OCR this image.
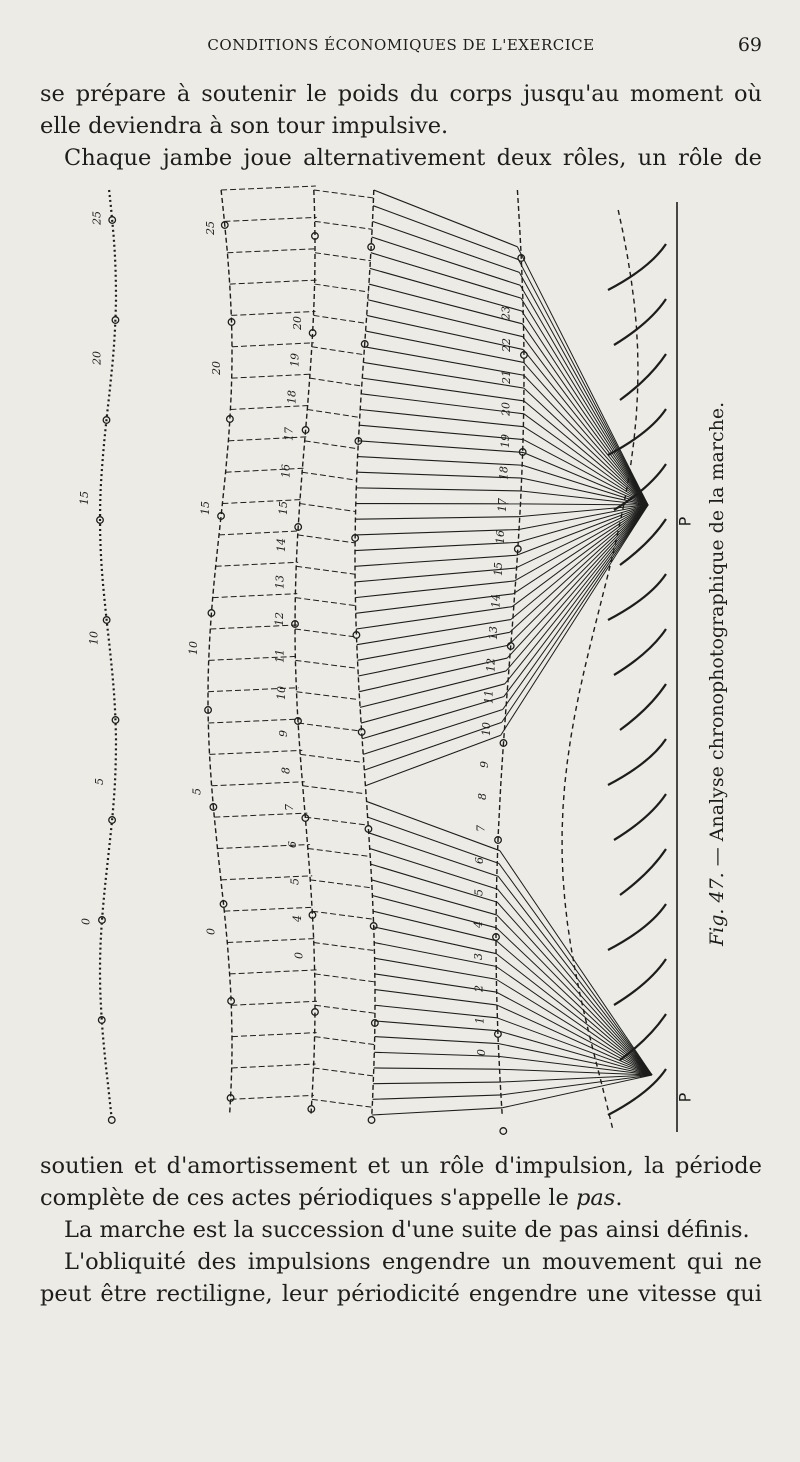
CONDITIONS ÉCONOMIQUES DE L'EXERCICE	69
se prépare à soutenir le poids du corps jusqu'au moment où
elle deviendra à son tour impulsive.
Chaque jambe joue alternativement deux rôles, un rôle de
25
20
15
10
5
0
25
20
15
10
5
0
20
19
18
17
16
15
14
13
12
11
10
9
8
7
6
5
4
0
23
22
21
20
19
18
17
16
15
14
13
12
11
10
9
8
7
6
5
4
3
2
1
0
P
P
Fig. 47. — Analyse chronophotographique de la marche.
soutien et d'amortissement et un rôle d'impulsion, la période
complète de ces actes périodiques s'appelle le pas.
La marche est la succession d'une suite de pas ainsi définis.
L'obliquité des impulsions engendre un mouvement qui ne
peut être rectiligne, leur périodicité engendre une vitesse qui
